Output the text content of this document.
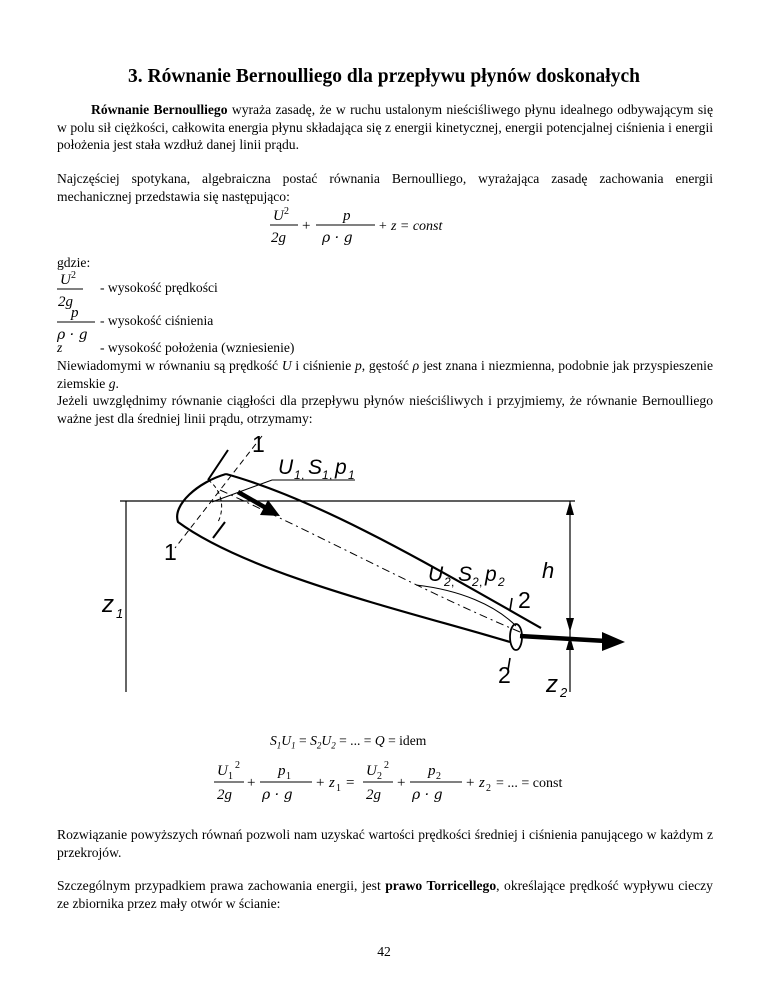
3. Równanie Bernoulliego dla przepływu płynów doskonałych

Równanie Bernoulliego wyraża zasadę, że w ruchu ustalonym nieściśliwego płynu idealnego odbywającym się w polu sił ciężkości, całkowita energia płynu składająca się z energii kinetycznej, energii potencjalnej ciśnienia i energii położenia jest stała wzdłuż danej linii prądu.

Najczęściej spotykana, algebraiczna postać równania Bernoulliego, wyrażająca zasadę zachowania energii mechanicznej przedstawia się następująco:

U 2
2g
+
p
ρ · g
+ z = const
gdzie:
U 2
2g
- wysokość prędkości
p
ρ · g
- wysokość ciśnienia
z	- wysokość położenia (wzniesienie)

Niewiadomymi w równaniu są prędkość U i ciśnienie p, gęstość ρ jest znana i niezmienna, podobnie jak przyspieszenie ziemskie g.

Jeżeli uwzględnimy równanie ciągłości dla przepływu płynów nieściśliwych i przyjmiemy, że równanie Bernoulliego ważne jest dla średniej linii prądu, otrzymamy:

1
1
2
2
U 1 , S 1 , p 1
U 2 , S 2 , p 2 h
z 1
z 2
$S_1U_1 = S_2U_2$ = ... = Q = idem
U 1
2
2g
+
p 1
ρ · g
+ z 1 =
U 2
2
2g
+
p 2
ρ · g
+ z 2 = ... = const

Rozwiązanie powyższych równań pozwoli nam uzyskać wartości prędkości średniej i ciśnienia panującego w każdym z przekrojów.

Szczególnym przypadkiem prawa zachowania energii, jest prawo Torricellego, określające prędkość wypływu cieczy ze zbiornika przez mały otwór w ścianie:

42
